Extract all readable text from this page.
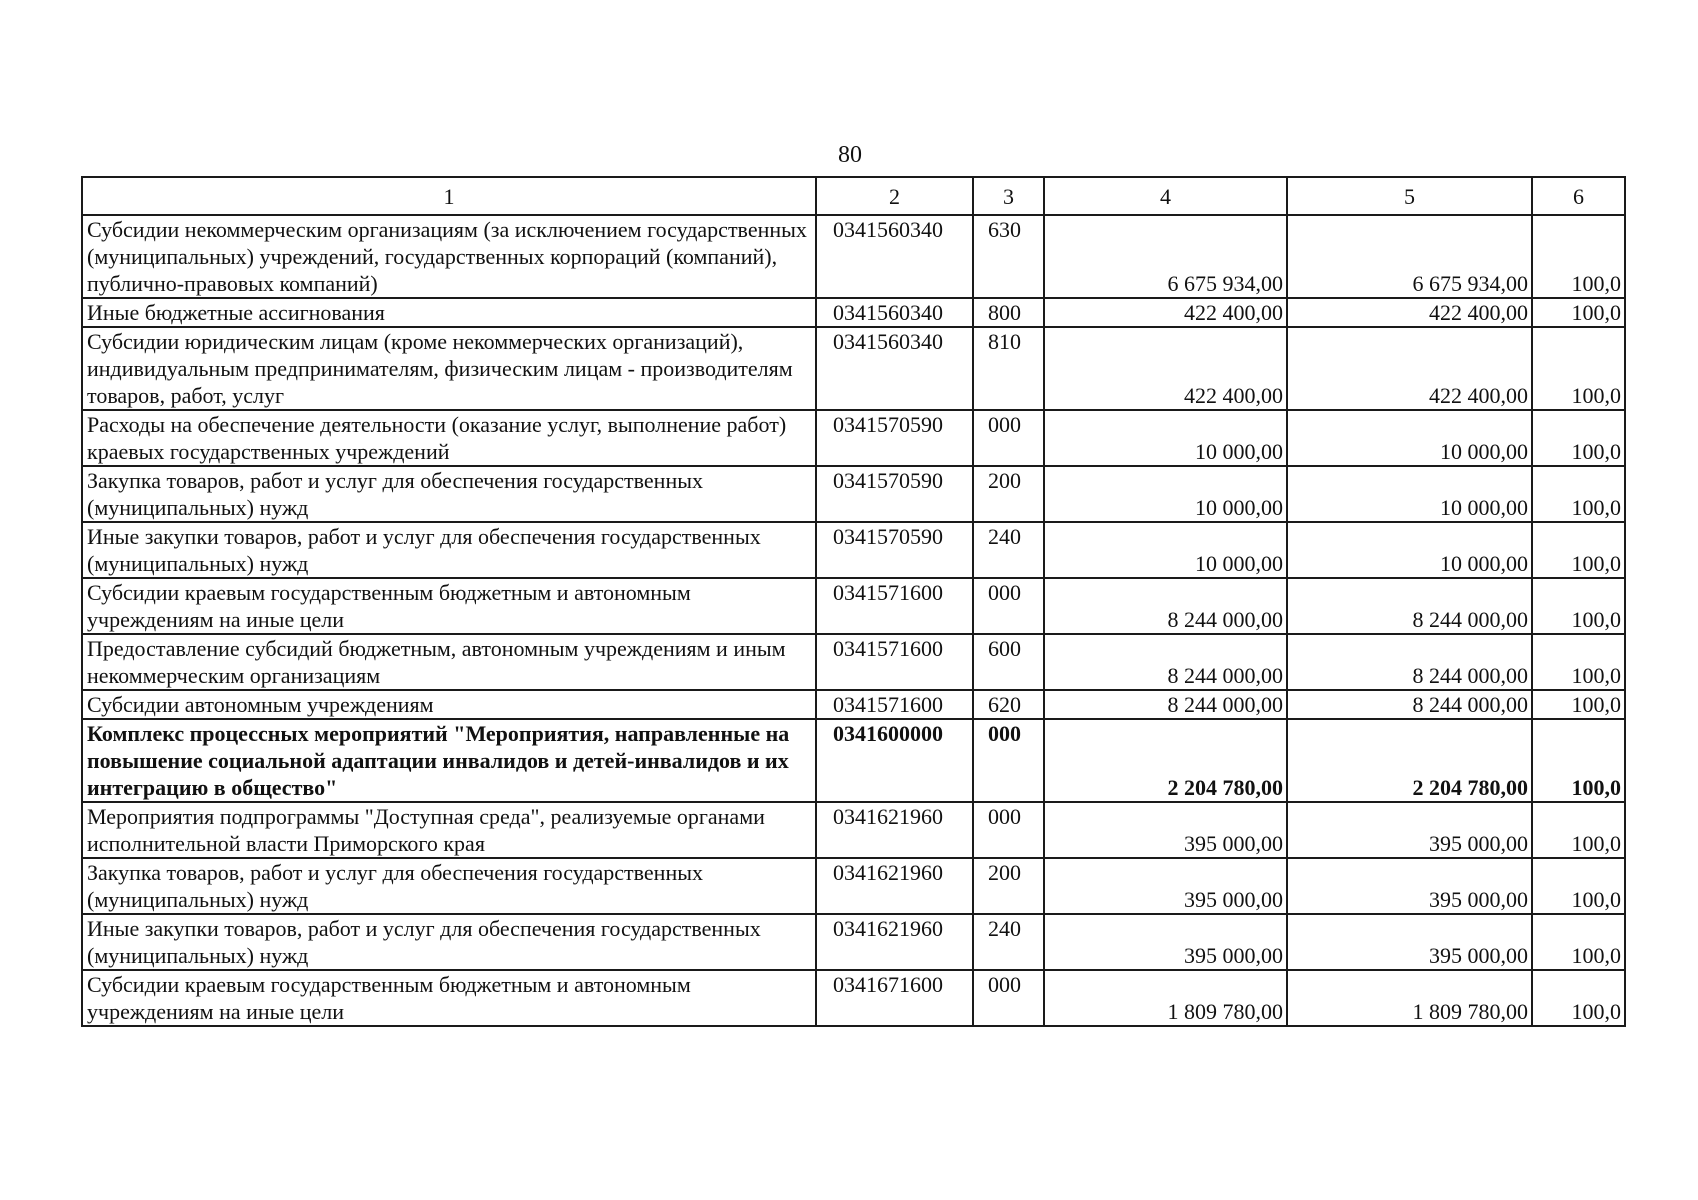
80
1	2	3	4	5	6
Субсидии некоммерческим организациям (за исключением государственных (муниципальных) учреждений, государственных корпораций (компаний), публично-правовых компаний)	0341560340	630	6 675 934,00	6 675 934,00	100,0
Иные бюджетные ассигнования	0341560340	800	422 400,00	422 400,00	100,0
Субсидии юридическим лицам (кроме некоммерческих организаций), индивидуальным предпринимателям, физическим лицам - производителям товаров, работ, услуг	0341560340	810	422 400,00	422 400,00	100,0
Расходы на обеспечение деятельности (оказание услуг, выполнение работ) краевых государственных учреждений	0341570590	000	10 000,00	10 000,00	100,0
Закупка товаров, работ и услуг для обеспечения государственных (муниципальных) нужд	0341570590	200	10 000,00	10 000,00	100,0
Иные закупки товаров, работ и услуг для обеспечения государственных (муниципальных) нужд	0341570590	240	10 000,00	10 000,00	100,0
Субсидии краевым государственным бюджетным и автономным учреждениям на иные цели	0341571600	000	8 244 000,00	8 244 000,00	100,0
Предоставление субсидий бюджетным, автономным учреждениям и иным некоммерческим организациям	0341571600	600	8 244 000,00	8 244 000,00	100,0
Субсидии автономным учреждениям	0341571600	620	8 244 000,00	8 244 000,00	100,0
Комплекс процессных мероприятий "Мероприятия, направленные на повышение социальной адаптации инвалидов и детей-инвалидов и их интеграцию в общество"	0341600000	000	2 204 780,00	2 204 780,00	100,0
Мероприятия подпрограммы "Доступная среда", реализуемые органами исполнительной власти Приморского края	0341621960	000	395 000,00	395 000,00	100,0
Закупка товаров, работ и услуг для обеспечения государственных (муниципальных) нужд	0341621960	200	395 000,00	395 000,00	100,0
Иные закупки товаров, работ и услуг для обеспечения государственных (муниципальных) нужд	0341621960	240	395 000,00	395 000,00	100,0
Субсидии краевым государственным бюджетным и автономным учреждениям на иные цели	0341671600	000	1 809 780,00	1 809 780,00	100,0
